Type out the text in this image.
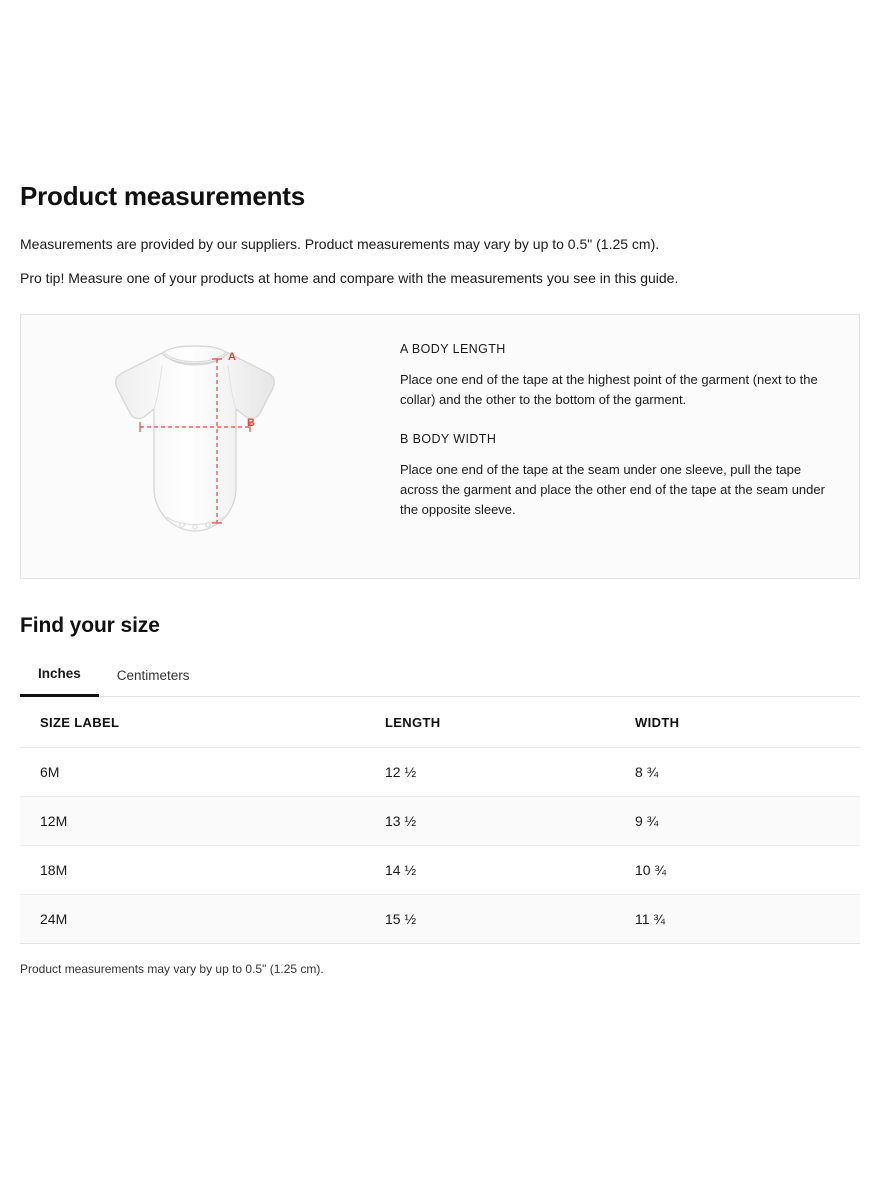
Product measurements

Measurements are provided by our suppliers. Product measurements may vary by up to 0.5" (1.25 cm).

Pro tip! Measure one of your products at home and compare with the measurements you see in this guide.

A
B

A BODY LENGTH

Place one end of the tape at the highest point of the garment (next to the collar) and the other to the bottom of the garment.

B BODY WIDTH

Place one end of the tape at the seam under one sleeve, pull the tape across the garment and place the other end of the tape at the seam under the opposite sleeve.

Find your size
Inches	Centimeters
SIZE LABEL	LENGTH	WIDTH
6M	12 ½	8 ¾
12M	13 ½	9 ¾
18M	14 ½	10 ¾
24M	15 ½	11 ¾

Product measurements may vary by up to 0.5" (1.25 cm).
